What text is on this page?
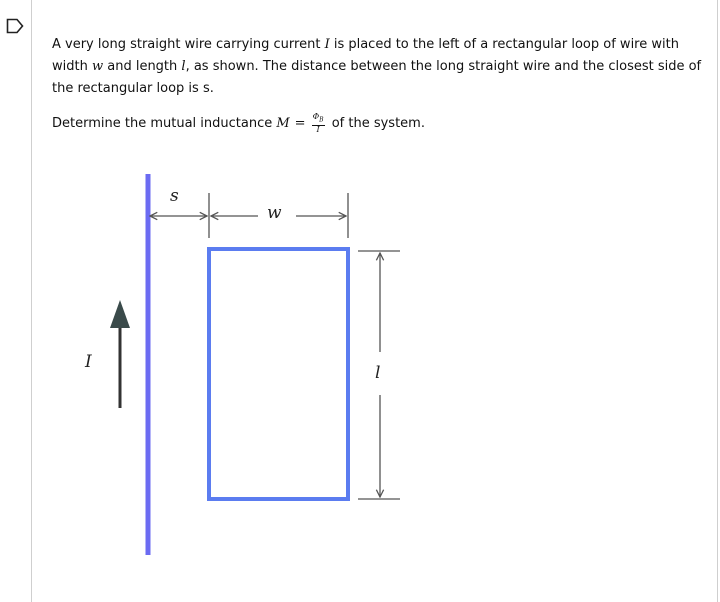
A very long straight wire carrying current I is placed to the left of a rectangular loop of wire with width w and length l, as shown. The distance between the long straight wire and the closest side of the rectangular loop is s.

Determine the mutual inductance $M = \frac{\Phi_B}{I}$ of the system.

s
w
I
l
